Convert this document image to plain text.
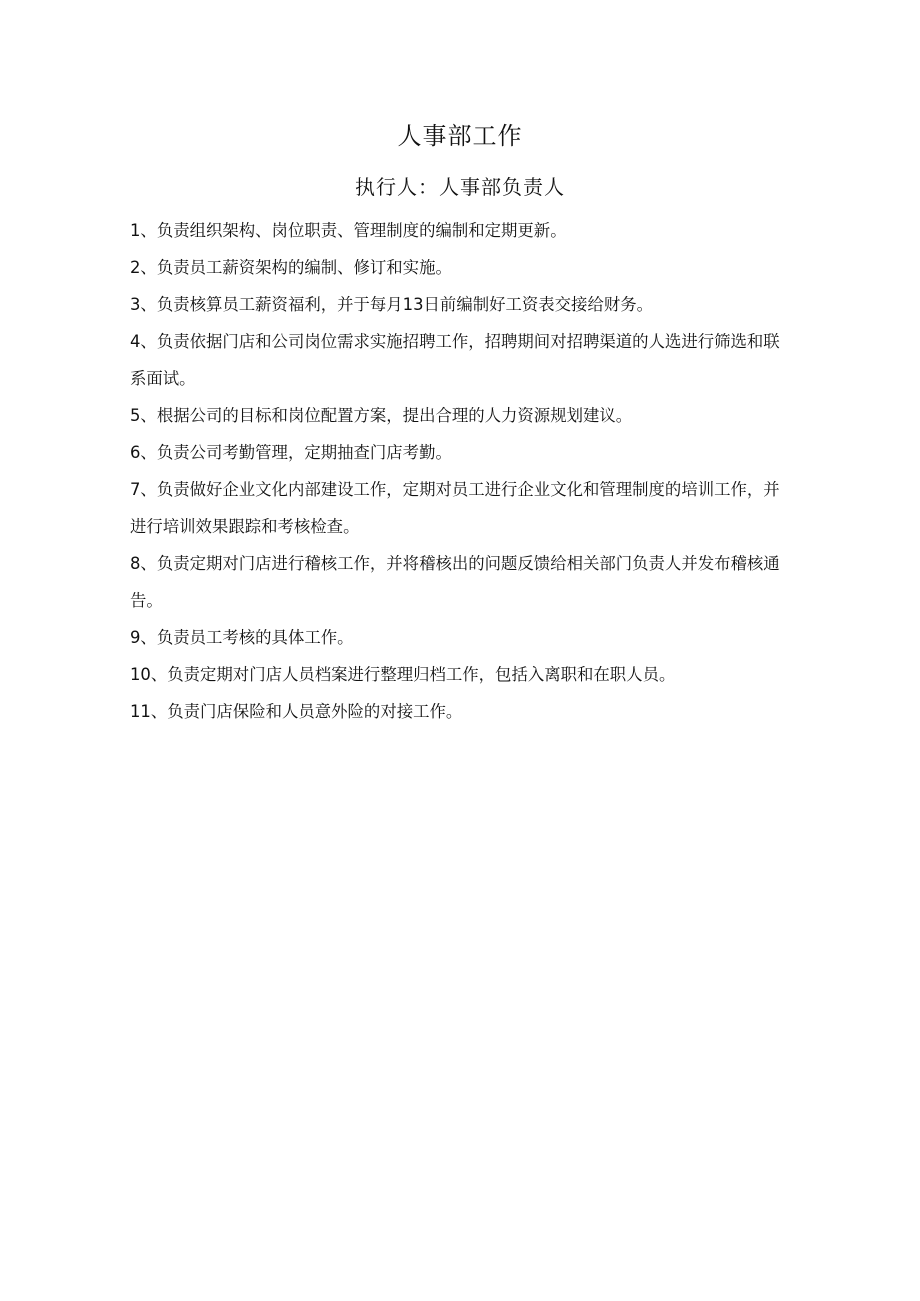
人事部工作
执行人：人事部负责人
1、负责组织架构、岗位职责、管理制度的编制和定期更新。
2、负责员工薪资架构的编制、修订和实施。
3、负责核算员工薪资福利，并于每月13日前编制好工资表交接给财务。
4、负责依据门店和公司岗位需求实施招聘工作，招聘期间对招聘渠道的人选进行筛选和联系面试。
5、根据公司的目标和岗位配置方案，提出合理的人力资源规划建议。
6、负责公司考勤管理，定期抽查门店考勤。
7、负责做好企业文化内部建设工作，定期对员工进行企业文化和管理制度的培训工作，并进行培训效果跟踪和考核检查。
8、负责定期对门店进行稽核工作，并将稽核出的问题反馈给相关部门负责人并发布稽核通告。
9、负责员工考核的具体工作。
10、负责定期对门店人员档案进行整理归档工作，包括入离职和在职人员。
11、负责门店保险和人员意外险的对接工作。
